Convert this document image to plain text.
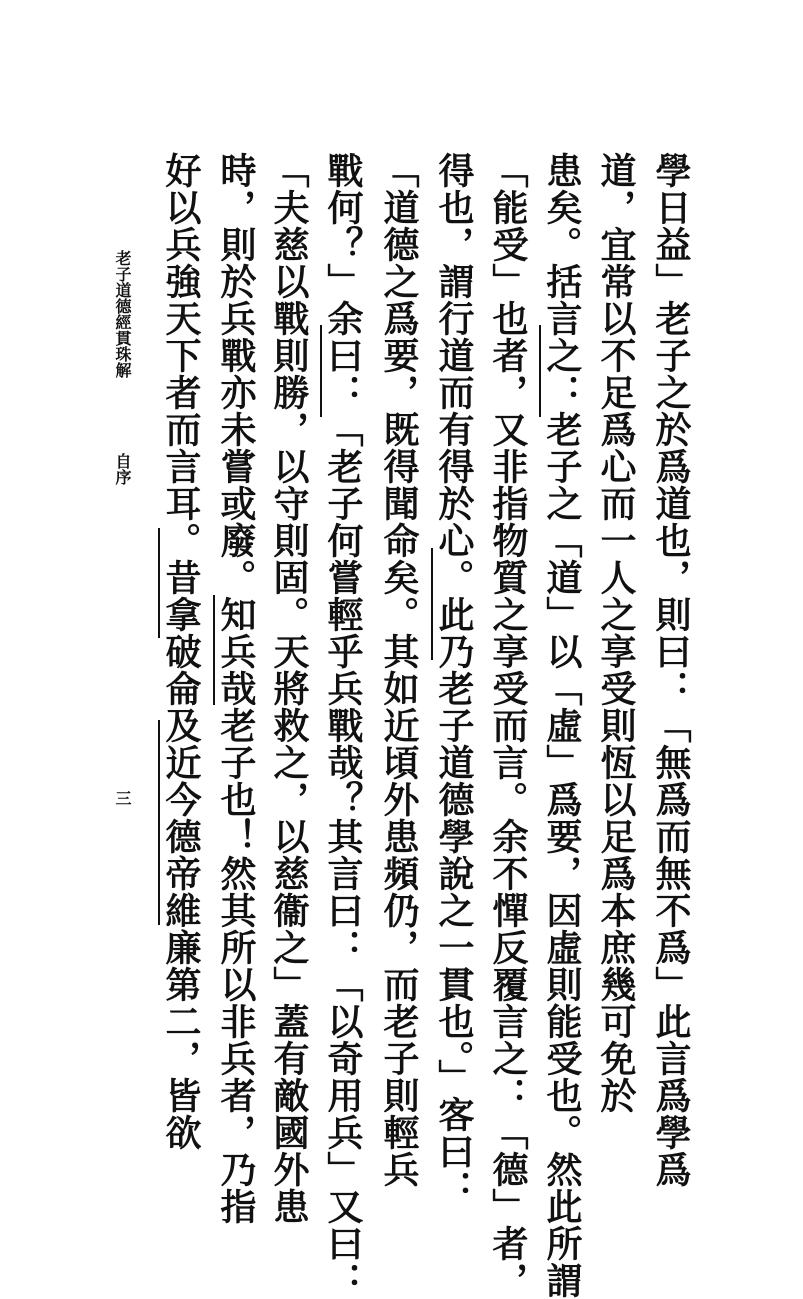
學日益」老子之於爲道也，則曰：「無爲而無不爲」此言爲學爲
道，宜常以不足爲心而一人之享受則恆以足爲本庶幾可免於
患矣。括言之：老子之「道」以「虛」爲要，因虛則能受也。然此所謂
「能受」也者，又非指物質之享受而言。余不憚反覆言之：「德」者，
得也，謂行道而有得於心。此乃老子道德學說之一貫也。」客曰：
「道德之爲要，既得聞命矣。其如近頃外患頻仍，而老子則輕兵
戰何？」余曰：「老子何嘗輕乎兵戰哉？其言曰：「以奇用兵」又曰：
「夫慈以戰則勝，以守則固。天將救之，以慈衞之」蓋有敵國外患
時，則於兵戰亦未嘗或廢。知兵哉老子也！然其所以非兵者，乃指
好以兵強天下者而言耳。昔拿破侖及近今德帝維廉第二，皆欲
老子道德經貫珠解
自序
三
